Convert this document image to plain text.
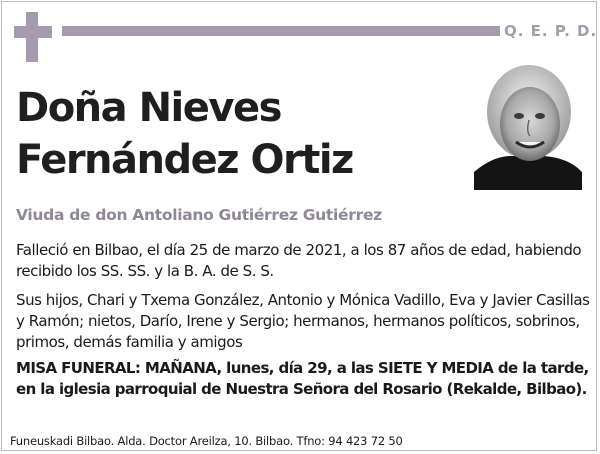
Q. E. P. D.
Doña Nieves
Fernández Ortiz
Viuda de don Antoliano Gutiérrez Gutiérrez
Falleció en Bilbao, el día 25 de marzo de 2021, a los 87 años de edad, habiendo recibido los SS. SS. y la B. A. de S. S.
Sus hijos, Chari y Txema González, Antonio y Mónica Vadillo, Eva y Javier Casillas y Ramón; nietos, Darío, Irene y Sergio; hermanos, hermanos políticos, sobrinos, primos, demás familia y amigos
MISA FUNERAL: MAÑANA, lunes, día 29, a las SIETE Y MEDIA de la tarde, en la iglesia parroquial de Nuestra Señora del Rosario (Rekalde, Bilbao).
Funeuskadi Bilbao. Alda. Doctor Areilza, 10. Bilbao. Tfno: 94 423 72 50
